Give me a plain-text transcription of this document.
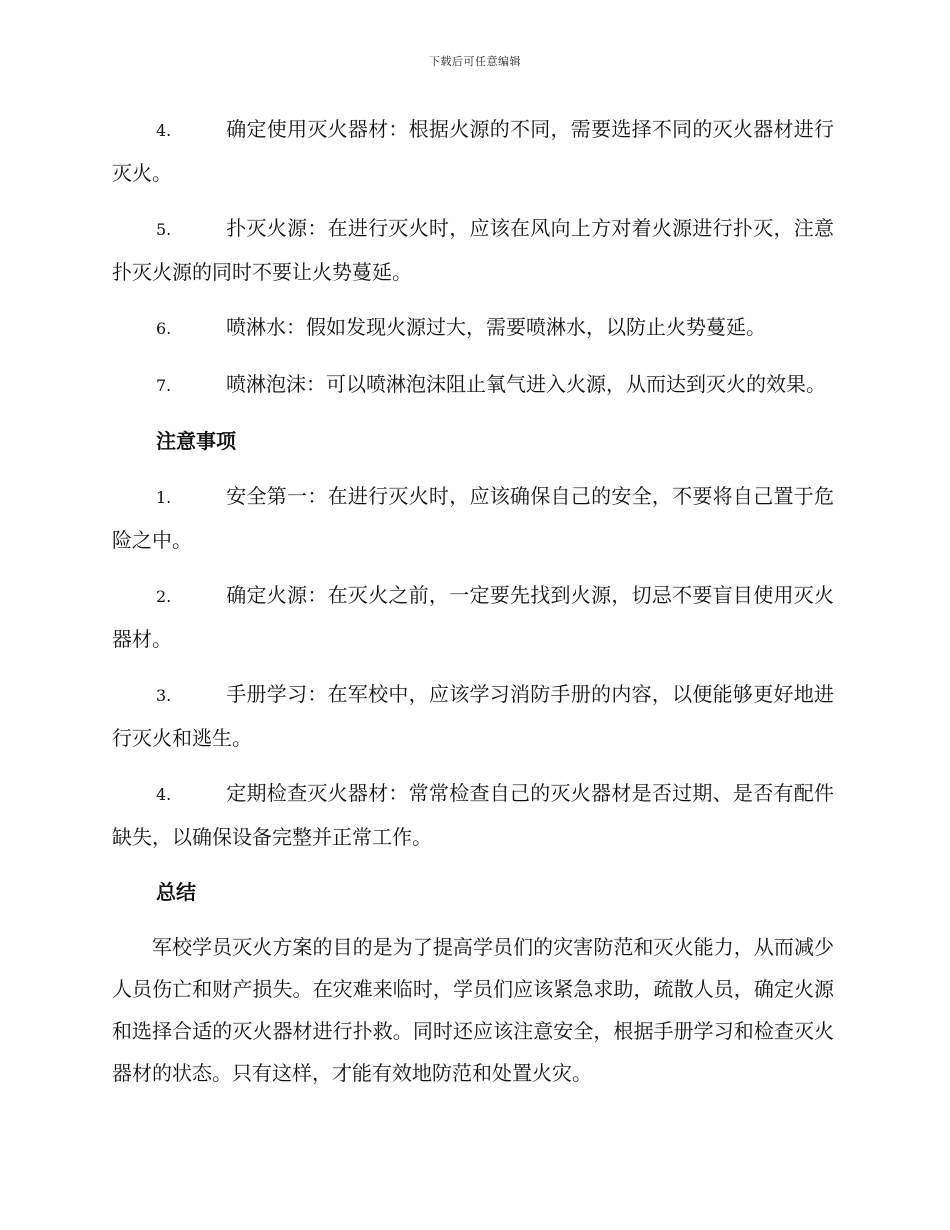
下载后可任意编辑
4.	确定使用灭火器材：根据火源的不同，需要选择不同的灭火器材进行灭火。
5.	扑灭火源：在进行灭火时，应该在风向上方对着火源进行扑灭，注意扑灭火源的同时不要让火势蔓延。
6.	喷淋水：假如发现火源过大，需要喷淋水，以防止火势蔓延。
7.	喷淋泡沫：可以喷淋泡沫阻止氧气进入火源，从而达到灭火的效果。
注意事项
1.	安全第一：在进行灭火时，应该确保自己的安全，不要将自己置于危险之中。
2.	确定火源：在灭火之前，一定要先找到火源，切忌不要盲目使用灭火器材。
3.	手册学习：在军校中，应该学习消防手册的内容，以便能够更好地进行灭火和逃生。
4.	定期检查灭火器材：常常检查自己的灭火器材是否过期、是否有配件缺失，以确保设备完整并正常工作。
总结
军校学员灭火方案的目的是为了提高学员们的灾害防范和灭火能力，从而减少人员伤亡和财产损失。在灾难来临时，学员们应该紧急求助，疏散人员，确定火源和选择合适的灭火器材进行扑救。同时还应该注意安全，根据手册学习和检查灭火器材的状态。只有这样，才能有效地防范和处置火灾。
